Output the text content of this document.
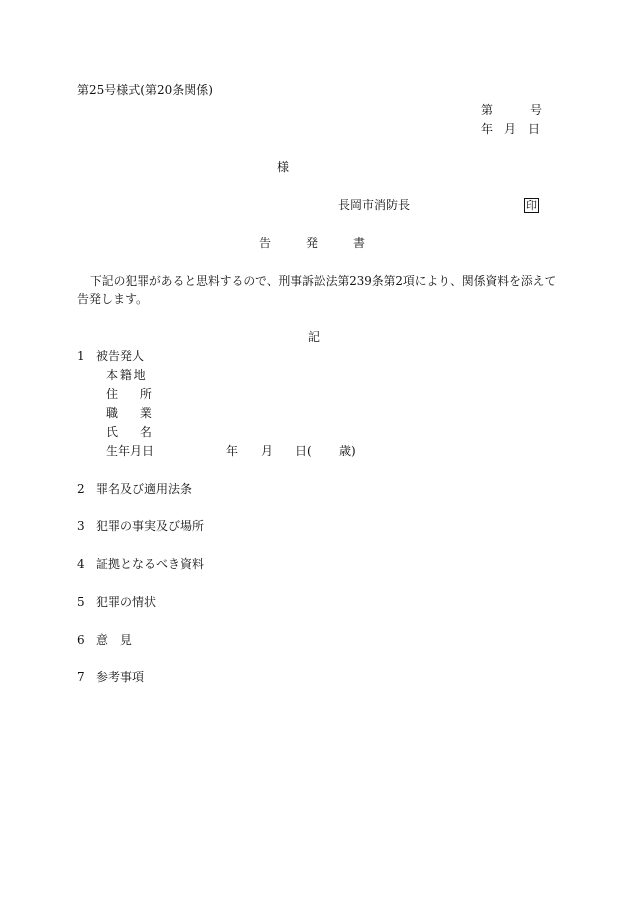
第25号様式(第20条関係)
第	号
年 月 日
様
長岡市消防長	印
告	発	書
下記の犯罪があると思料するので、刑事訴訟法第239条第2項により、関係資料を添えて
告発します。
記
1 被告発人
本 籍 地
住 所
職 業
氏 名
生年月日	年 月 日( 歳)
2 罪名及び適用法条
3 犯罪の事実及び場所
4 証拠となるべき資料
5 犯罪の情状
6 意 見
7 参考事項
